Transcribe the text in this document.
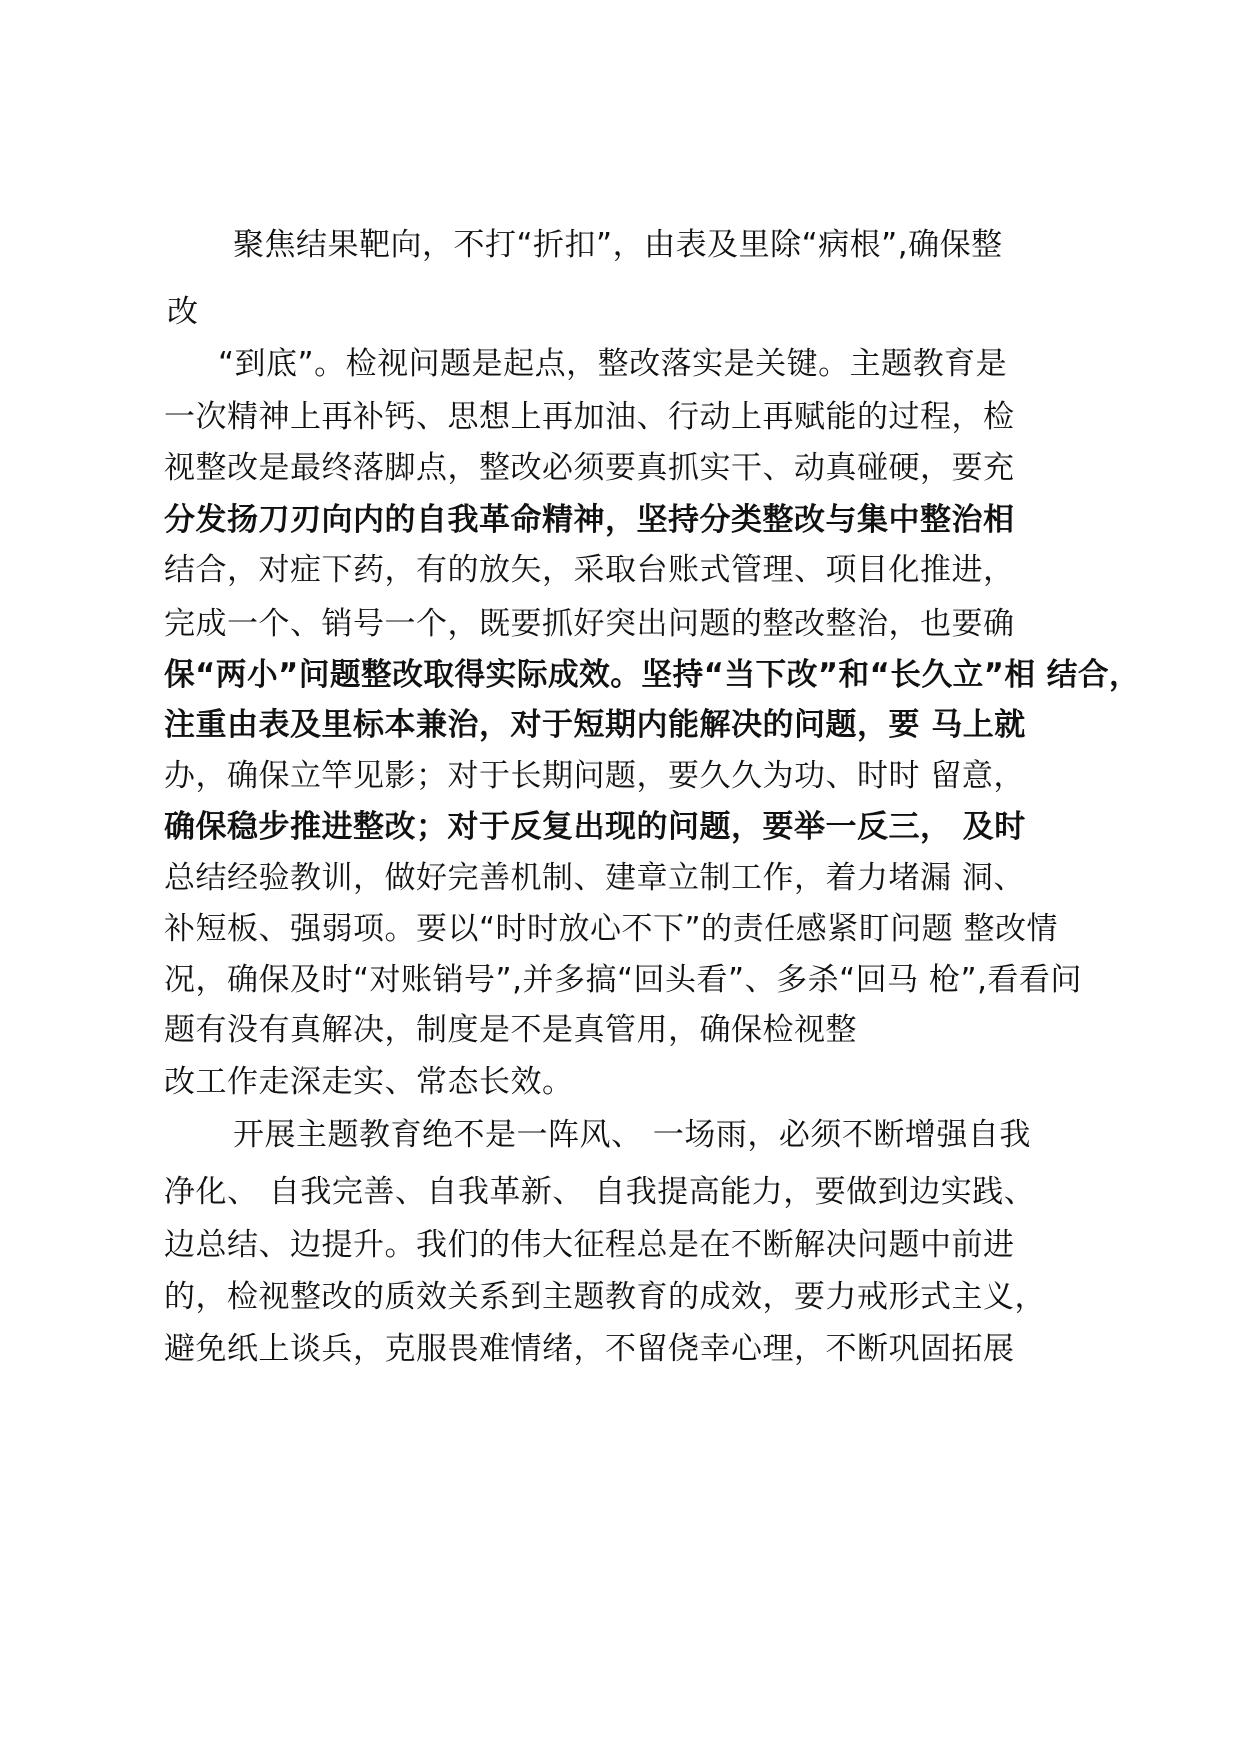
聚焦结果靶向，不打“折扣”，由表及里除“病根”,确保整
改
“到底”。检视问题是起点，整改落实是关键。主题教育是
一次精神上再补钙、思想上再加油、行动上再赋能的过程，检
视整改是最终落脚点，整改必须要真抓实干、动真碰硬，要充
分发扬刀刃向内的自我革命精神，坚持分类整改与集中整治相
结合，对症下药，有的放矢，采取台账式管理、项目化推进，
完成一个、销号一个，既要抓好突出问题的整改整治，也要确
保“两小”问题整改取得实际成效。坚持“当下改”和“长久立”相 结合，
注重由表及里标本兼治，对于短期内能解决的问题，要 马上就
办，确保立竿见影；对于长期问题，要久久为功、时时 留意，
确保稳步推进整改；对于反复出现的问题，要举一反三， 及时
总结经验教训，做好完善机制、建章立制工作，着力堵漏 洞、
补短板、强弱项。要以“时时放心不下”的责任感紧盯问题 整改情
况，确保及时“对账销号”,并多搞“回头看”、多杀“回马 枪”,看看问
题有没有真解决，制度是不是真管用，确保检视整
改工作走深走实、常态长效。
开展主题教育绝不是一阵风、 一场雨，必须不断增强自我
净化、 自我完善、自我革新、 自我提高能力，要做到边实践、
边总结、边提升。我们的伟大征程总是在不断解决问题中前进
的，检视整改的质效关系到主题教育的成效，要力戒形式主义，
避免纸上谈兵，克服畏难情绪，不留侥幸心理，不断巩固拓展
